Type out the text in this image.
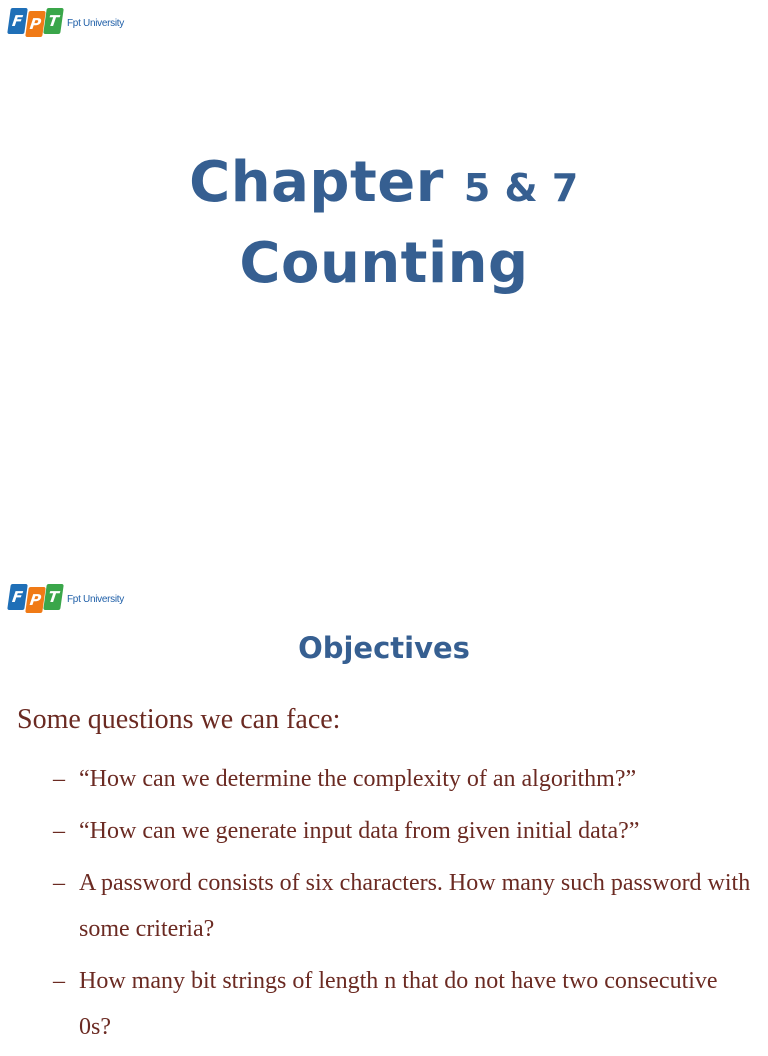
F P T Fpt University
Chapter 5 & 7
Counting
F P T Fpt University
Objectives
Some questions we can face:
– “How can we determine the complexity of an algorithm?”
– “How can we generate input data from given initial data?”
– A password consists of six characters. How many such password with some criteria?
– How many bit strings of length n that do not have two consecutive 0s?
